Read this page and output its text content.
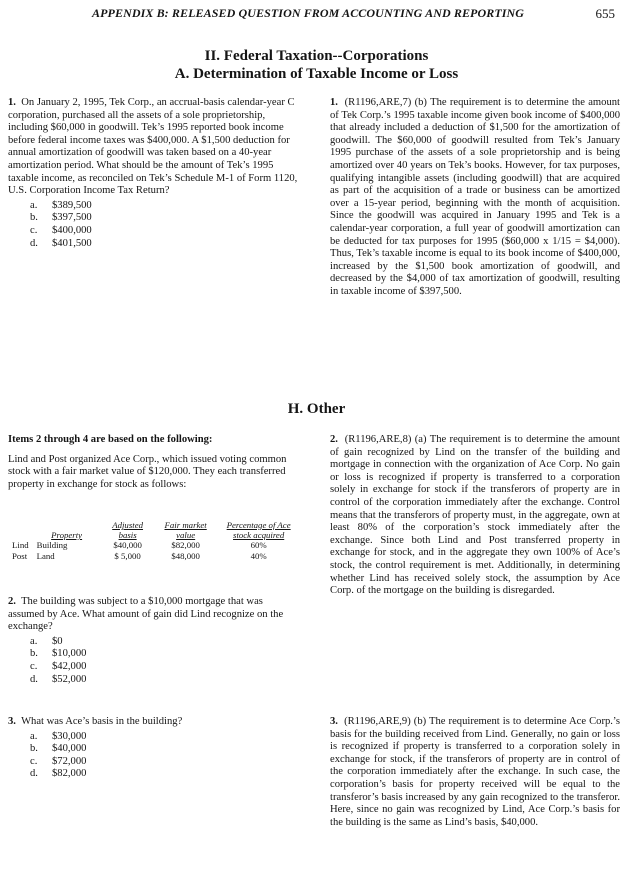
APPENDIX B: RELEASED QUESTION FROM ACCOUNTING AND REPORTING	655
II. Federal Taxation--Corporations
A. Determination of Taxable Income or Loss

1. On January 2, 1995, Tek Corp., an accrual-basis calendar-year C corporation, purchased all the assets of a sole proprietorship, including $60,000 in goodwill. Tek’s 1995 reported book income before federal income taxes was $400,000. A $1,500 deduction for annual amortization of goodwill was taken based on a 40-year amortization period. What should be the amount of Tek’s 1995 taxable income, as reconciled on Tek’s Schedule M-1 of Form 1120, U.S. Corporation Income Tax Return?

a. $389,500
b. $397,500
c. $400,000
d. $401,500

1. (R1196,ARE,7) (b) The requirement is to determine the amount of Tek Corp.’s 1995 taxable income given book income of $400,000 that already included a deduction of $1,500 for the amortization of goodwill. The $60,000 of goodwill resulted from Tek’s January 1995 purchase of the assets of a sole proprietorship and is being amortized over 40 years on Tek’s books. However, for tax purposes, qualifying intangible assets (including goodwill) that are acquired as part of the acquisition of a trade or business can be amortized over a 15-year period, beginning with the month of acquisition. Since the goodwill was acquired in January 1995 and Tek is a calendar-year corporation, a full year of goodwill amortization can be deducted for tax purposes for 1995 ($60,000 x 1/15 = $4,000). Thus, Tek’s taxable income is equal to its book income of $400,000, increased by the $1,500 book amortization of goodwill, and decreased by the $4,000 of tax amortization of goodwill, resulting in taxable income of $397,500.

H. Other

Items 2 through 4 are based on the following:

Lind and Post organized Ace Corp., which issued voting common stock with a fair market value of $120,000. They each transferred property in exchange for stock as follows:

	Property	Adjusted basis	Fair market value	Percentage of Ace stock acquired
Lind	Building	$40,000	$82,000	60%
Post	Land	$ 5,000	$48,000	40%

2. The building was subject to a $10,000 mortgage that was assumed by Ace. What amount of gain did Lind recognize on the exchange?

a. $0
b. $10,000
c. $42,000
d. $52,000

2. (R1196,ARE,8) (a) The requirement is to determine the amount of gain recognized by Lind on the transfer of the building and mortgage in connection with the organization of Ace Corp. No gain or loss is recognized if property is transferred to a corporation solely in exchange for stock if the transferors of property are in control of the corporation immediately after the exchange. Control means that the transferors of property must, in the aggregate, own at least 80% of the corporation’s stock immediately after the exchange. Since both Lind and Post transferred property in exchange for stock, and in the aggregate they own 100% of Ace’s stock, the control requirement is met. Additionally, in determining whether Lind has received solely stock, the assumption by Ace Corp. of the mortgage on the building is disregarded.

3. What was Ace’s basis in the building?

a. $30,000
b. $40,000
c. $72,000
d. $82,000

3. (R1196,ARE,9) (b) The requirement is to determine Ace Corp.’s basis for the building received from Lind. Generally, no gain or loss is recognized if property is transferred to a corporation solely in exchange for stock, if the transferors of property are in control of the corporation immediately after the exchange. In such case, the corporation’s basis for property received will be equal to the transferor’s basis increased by any gain recognized to the transferor. Here, since no gain was recognized by Lind, Ace Corp.’s basis for the building is the same as Lind’s basis, $40,000.
